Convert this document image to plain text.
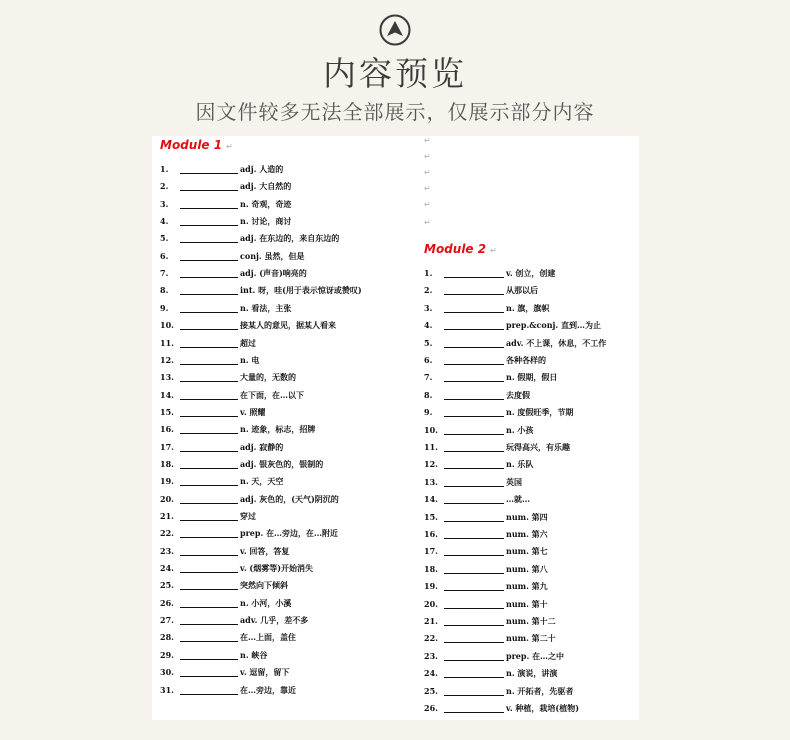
内容预览
因文件较多无法全部展示，仅展示部分内容
Module 1 ↵
1.	adj. 人造的
2.	adj. 大自然的
3.	n. 奇观，奇迹
4.	n. 讨论，商讨
5.	adj. 在东边的，来自东边的
6.	conj. 虽然，但是
7.	adj. (声音)响亮的
8.	int. 呀，哇(用于表示惊讶或赞叹)
9.	n. 看法，主张
10.	接某人的意见，据某人看来
11.	超过
12.	n. 电
13.	大量的，无数的
14.	在下面，在…以下
15.	v. 照耀
16.	n. 迹象，标志，招牌
17.	adj. 寂静的
18.	adj. 银灰色的，银制的
19.	n. 天，天空
20.	adj. 灰色的，(天气)阴沉的
21.	穿过
22.	prep. 在…旁边，在…附近
23.	v. 回答，答复
24.	v. (烟雾等)开始消失
25.	突然向下倾斜
26.	n. 小河，小溪
27.	adv. 几乎，差不多
28.	在…上面，盖住
29.	n. 峡谷
30.	v. 逗留，留下
31.	在…旁边，靠近
↵
↵
↵
↵
↵
↵
Module 2 ↵
1.	v. 创立，创建
2.	从那以后
3.	n. 旗，旗帜
4.	prep.&conj. 直到…为止
5.	adv. 不上课，休息，不工作
6.	各种各样的
7.	n. 假期，假日
8.	去度假
9.	n. 度假旺季，节期
10.	n. 小孩
11.	玩得高兴，有乐趣
12.	n. 乐队
13.	英国
14.	…就…
15.	num. 第四
16.	num. 第六
17.	num. 第七
18.	num. 第八
19.	num. 第九
20.	num. 第十
21.	num. 第十二
22.	num. 第二十
23.	prep. 在…之中
24.	n. 演说，讲演
25.	n. 开拓者，先驱者
26.	v. 种植，栽培(植物)
